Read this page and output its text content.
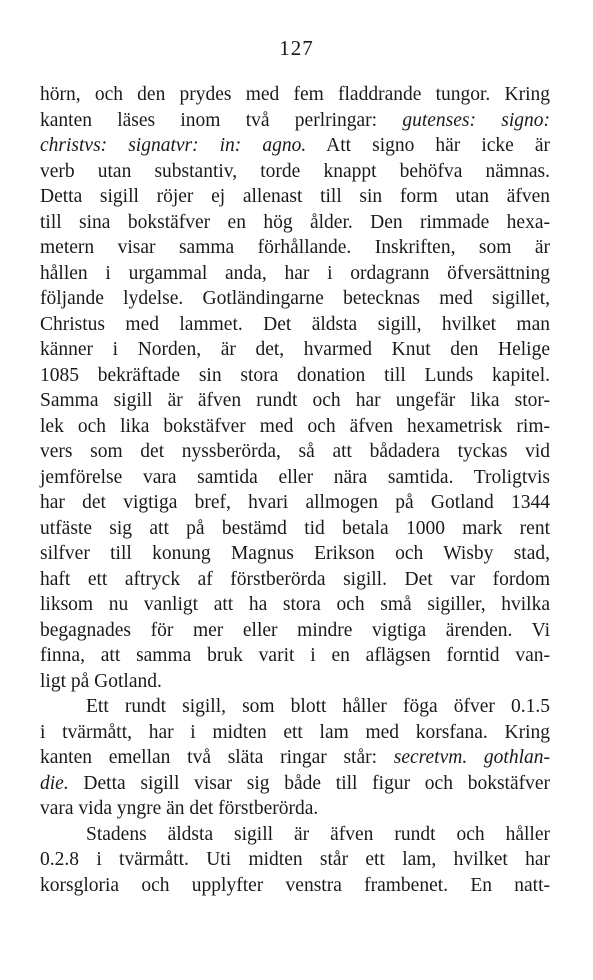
127
hörn, och den prydes med fem fladdrande tungor. Kring
kanten läses inom två perlringar: gutenses: signo:
christvs: signatvr: in: agno. Att signo här icke är
verb utan substantiv, torde knappt behöfva nämnas.
Detta sigill röjer ej allenast till sin form utan äfven
till sina bokstäfver en hög ålder. Den rimmade hexa-
metern visar samma förhållande. Inskriften, som är
hållen i urgammal anda, har i ordagrann öfversättning
följande lydelse. Gotländingarne betecknas med sigillet,
Christus med lammet. Det äldsta sigill, hvilket man
känner i Norden, är det, hvarmed Knut den Helige
1085 bekräftade sin stora donation till Lunds kapitel.
Samma sigill är äfven rundt och har ungefär lika stor-
lek och lika bokstäfver med och äfven hexametrisk rim-
vers som det nyssberörda, så att bådadera tyckas vid
jemförelse vara samtida eller nära samtida. Troligtvis
har det vigtiga bref, hvari allmogen på Gotland 1344
utfäste sig att på bestämd tid betala 1000 mark rent
silfver till konung Magnus Erikson och Wisby stad,
haft ett aftryck af förstberörda sigill. Det var fordom
liksom nu vanligt att ha stora och små sigiller, hvilka
begagnades för mer eller mindre vigtiga ärenden. Vi
finna, att samma bruk varit i en aflägsen forntid van-
ligt på Gotland.
Ett rundt sigill, som blott håller föga öfver 0.1.5
i tvärmått, har i midten ett lam med korsfana. Kring
kanten emellan två släta ringar står: secretvm. gothlan-
die. Detta sigill visar sig både till figur och bokstäfver
vara vida yngre än det förstberörda.
Stadens äldsta sigill är äfven rundt och håller
0.2.8 i tvärmått. Uti midten står ett lam, hvilket har
korsgloria och upplyfter venstra frambenet. En natt-
